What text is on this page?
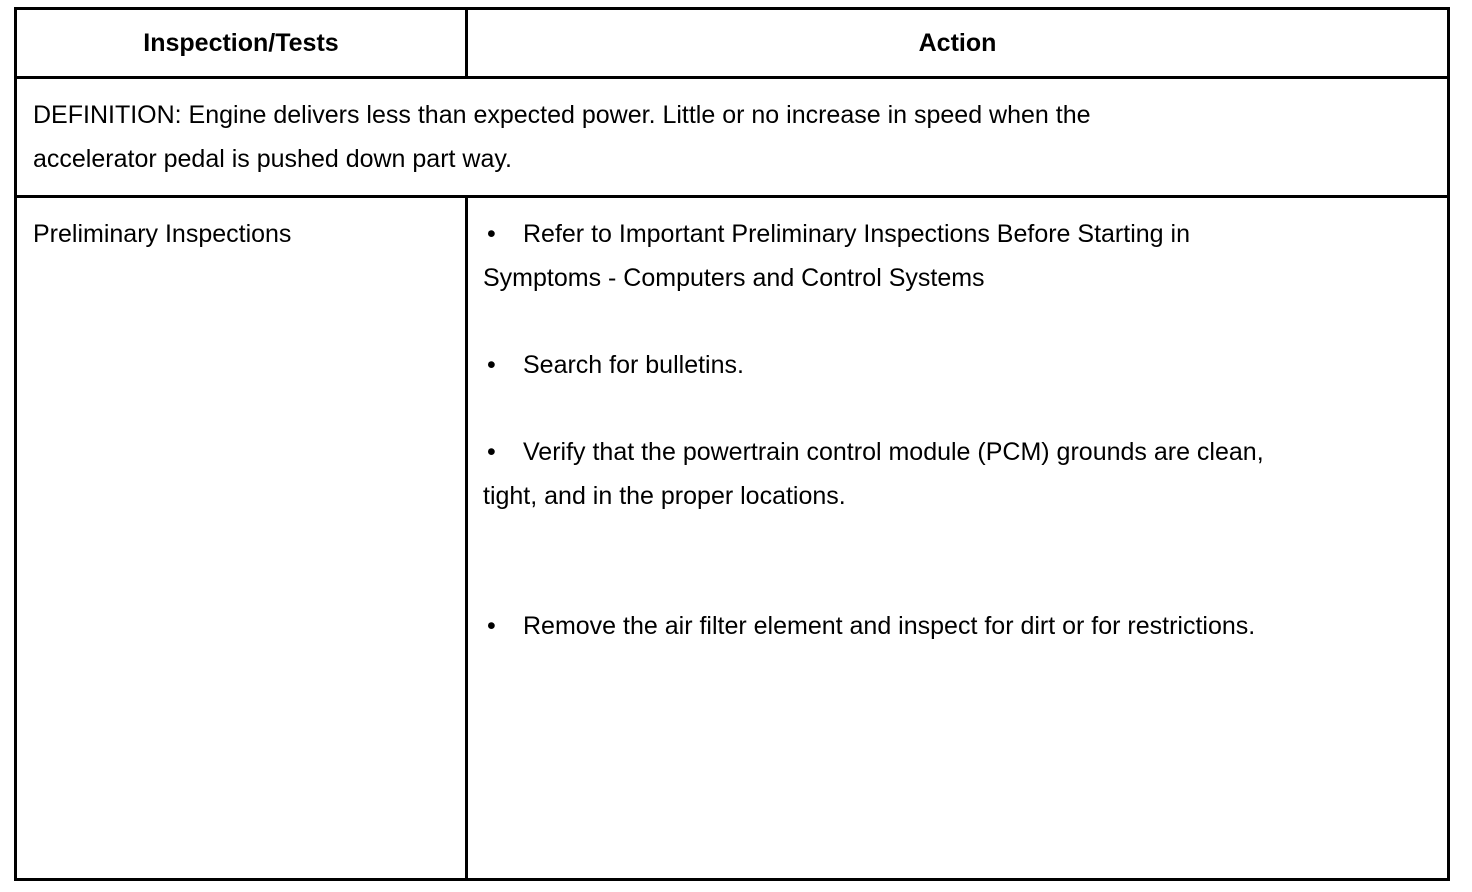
Inspection/Tests	Action
DEFINITION: Engine delivers less than expected power. Little or no increase in speed when the accelerator pedal is pushed down part way.
Preliminary Inspections	• Refer to Important Preliminary Inspections Before Starting in Symptoms - Computers and Control Systems
• Search for bulletins.
• Verify that the powertrain control module (PCM) grounds are clean, tight, and in the proper locations.
• Remove the air filter element and inspect for dirt or for restrictions.
